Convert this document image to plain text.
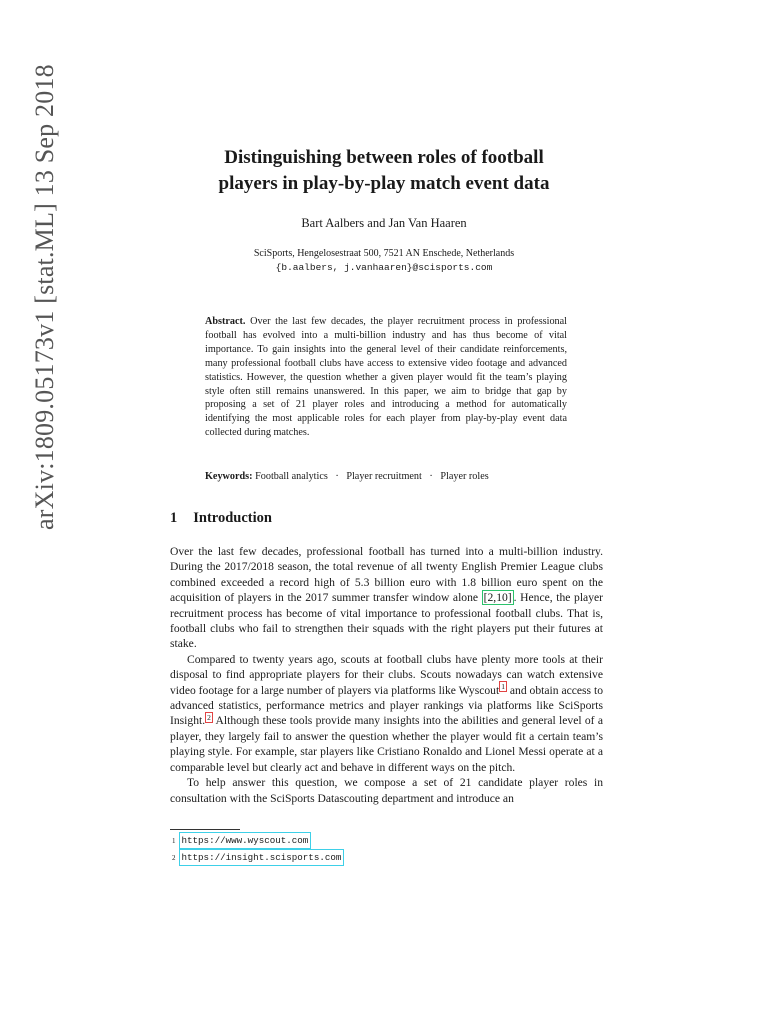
arXiv:1809.05173v1 [stat.ML] 13 Sep 2018	Distinguishing between roles of football
players in play-by-play match event data
Bart Aalbers and Jan Van Haaren
SciSports, Hengelosestraat 500, 7521 AN Enschede, Netherlands
{b.aalbers, j.vanhaaren}@scisports.com
Abstract. Over the last few decades, the player recruitment process in professional football has evolved into a multi-billion industry and has thus become of vital importance. To gain insights into the general level of their candidate reinforcements, many professional football clubs have access to extensive video footage and advanced statistics. However, the question whether a given player would fit the team’s playing style often still remains unanswered. In this paper, we aim to bridge that gap by proposing a set of 21 player roles and introducing a method for automatically identifying the most applicable roles for each player from play-by-play event data collected during matches.
Keywords: Football analytics · Player recruitment · Player roles
1 Introduction

Over the last few decades, professional football has turned into a multi-billion industry. During the 2017/2018 season, the total revenue of all twenty English Premier League clubs combined exceeded a record high of 5.3 billion euro with 1.8 billion euro spent on the acquisition of players in the 2017 summer transfer window alone [2,10] . Hence, the player recruitment process has become of vital importance to professional football clubs. That is, football clubs who fail to strengthen their squads with the right players put their futures at stake.

Compared to twenty years ago, scouts at football clubs have plenty more tools at their disposal to find appropriate players for their clubs. Scouts nowadays can watch extensive video footage for a large number of players via platforms like Wyscout $^1$ and obtain access to advanced statistics, performance metrics and player rankings via platforms like SciSports Insight. $^2$ Although these tools provide many insights into the abilities and general level of a player, they largely fail to answer the question whether the player would fit a certain team’s playing style. For example, star players like Cristiano Ronaldo and Lionel Messi operate at a comparable level but clearly act and behave in different ways on the pitch.

To help answer this question, we compose a set of 21 candidate player roles in consultation with the SciSports Datascouting department and introduce an

1 https://www.wyscout.com
2 https://insight.scisports.com
